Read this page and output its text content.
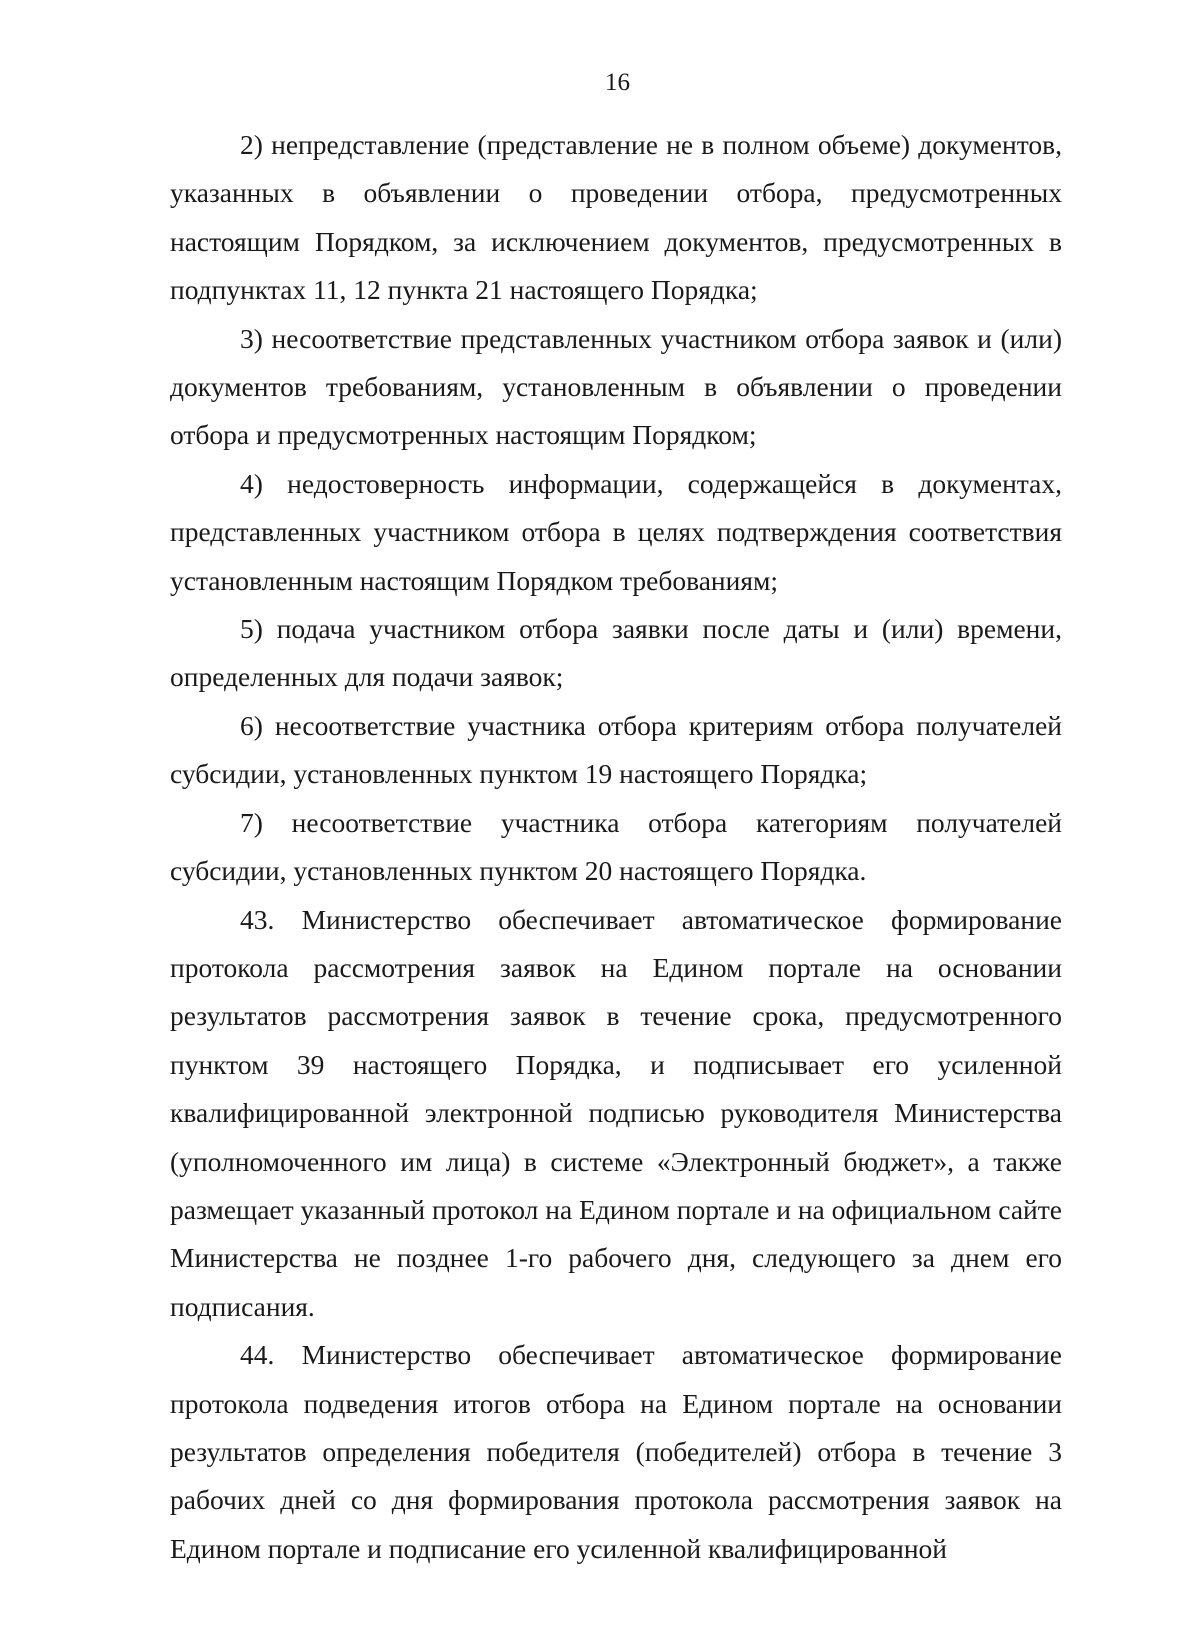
16

2) непредставление (представление не в полном объеме) документов, указанных в объявлении о проведении отбора, предусмотренных настоящим Порядком, за исключением документов, предусмотренных в подпунктах 11, 12 пункта 21 настоящего Порядка;

3) несоответствие представленных участником отбора заявок и (или) документов требованиям, установленным в объявлении о проведении отбора и предусмотренных настоящим Порядком;

4) недостоверность информации, содержащейся в документах, представленных участником отбора в целях подтверждения соответствия установленным настоящим Порядком требованиям;

5) подача участником отбора заявки после даты и (или) времени, определенных для подачи заявок;

6) несоответствие участника отбора критериям отбора получателей субсидии, установленных пунктом 19 настоящего Порядка;

7) несоответствие участника отбора категориям получателей субсидии, установленных пунктом 20 настоящего Порядка.

43. Министерство обеспечивает автоматическое формирование протокола рассмотрения заявок на Едином портале на основании результатов рассмотрения заявок в течение срока, предусмотренного пунктом 39 настоящего Порядка, и подписывает его усиленной квалифицированной электронной подписью руководителя Министерства (уполномоченного им лица) в системе «Электронный бюджет», а также размещает указанный протокол на Едином портале и на официальном сайте Министерства не позднее 1-го рабочего дня, следующего за днем его подписания.

44. Министерство обеспечивает автоматическое формирование протокола подведения итогов отбора на Едином портале на основании результатов определения победителя (победителей) отбора в течение 3 рабочих дней со дня формирования протокола рассмотрения заявок на Едином портале и подписание его усиленной квалифицированной
